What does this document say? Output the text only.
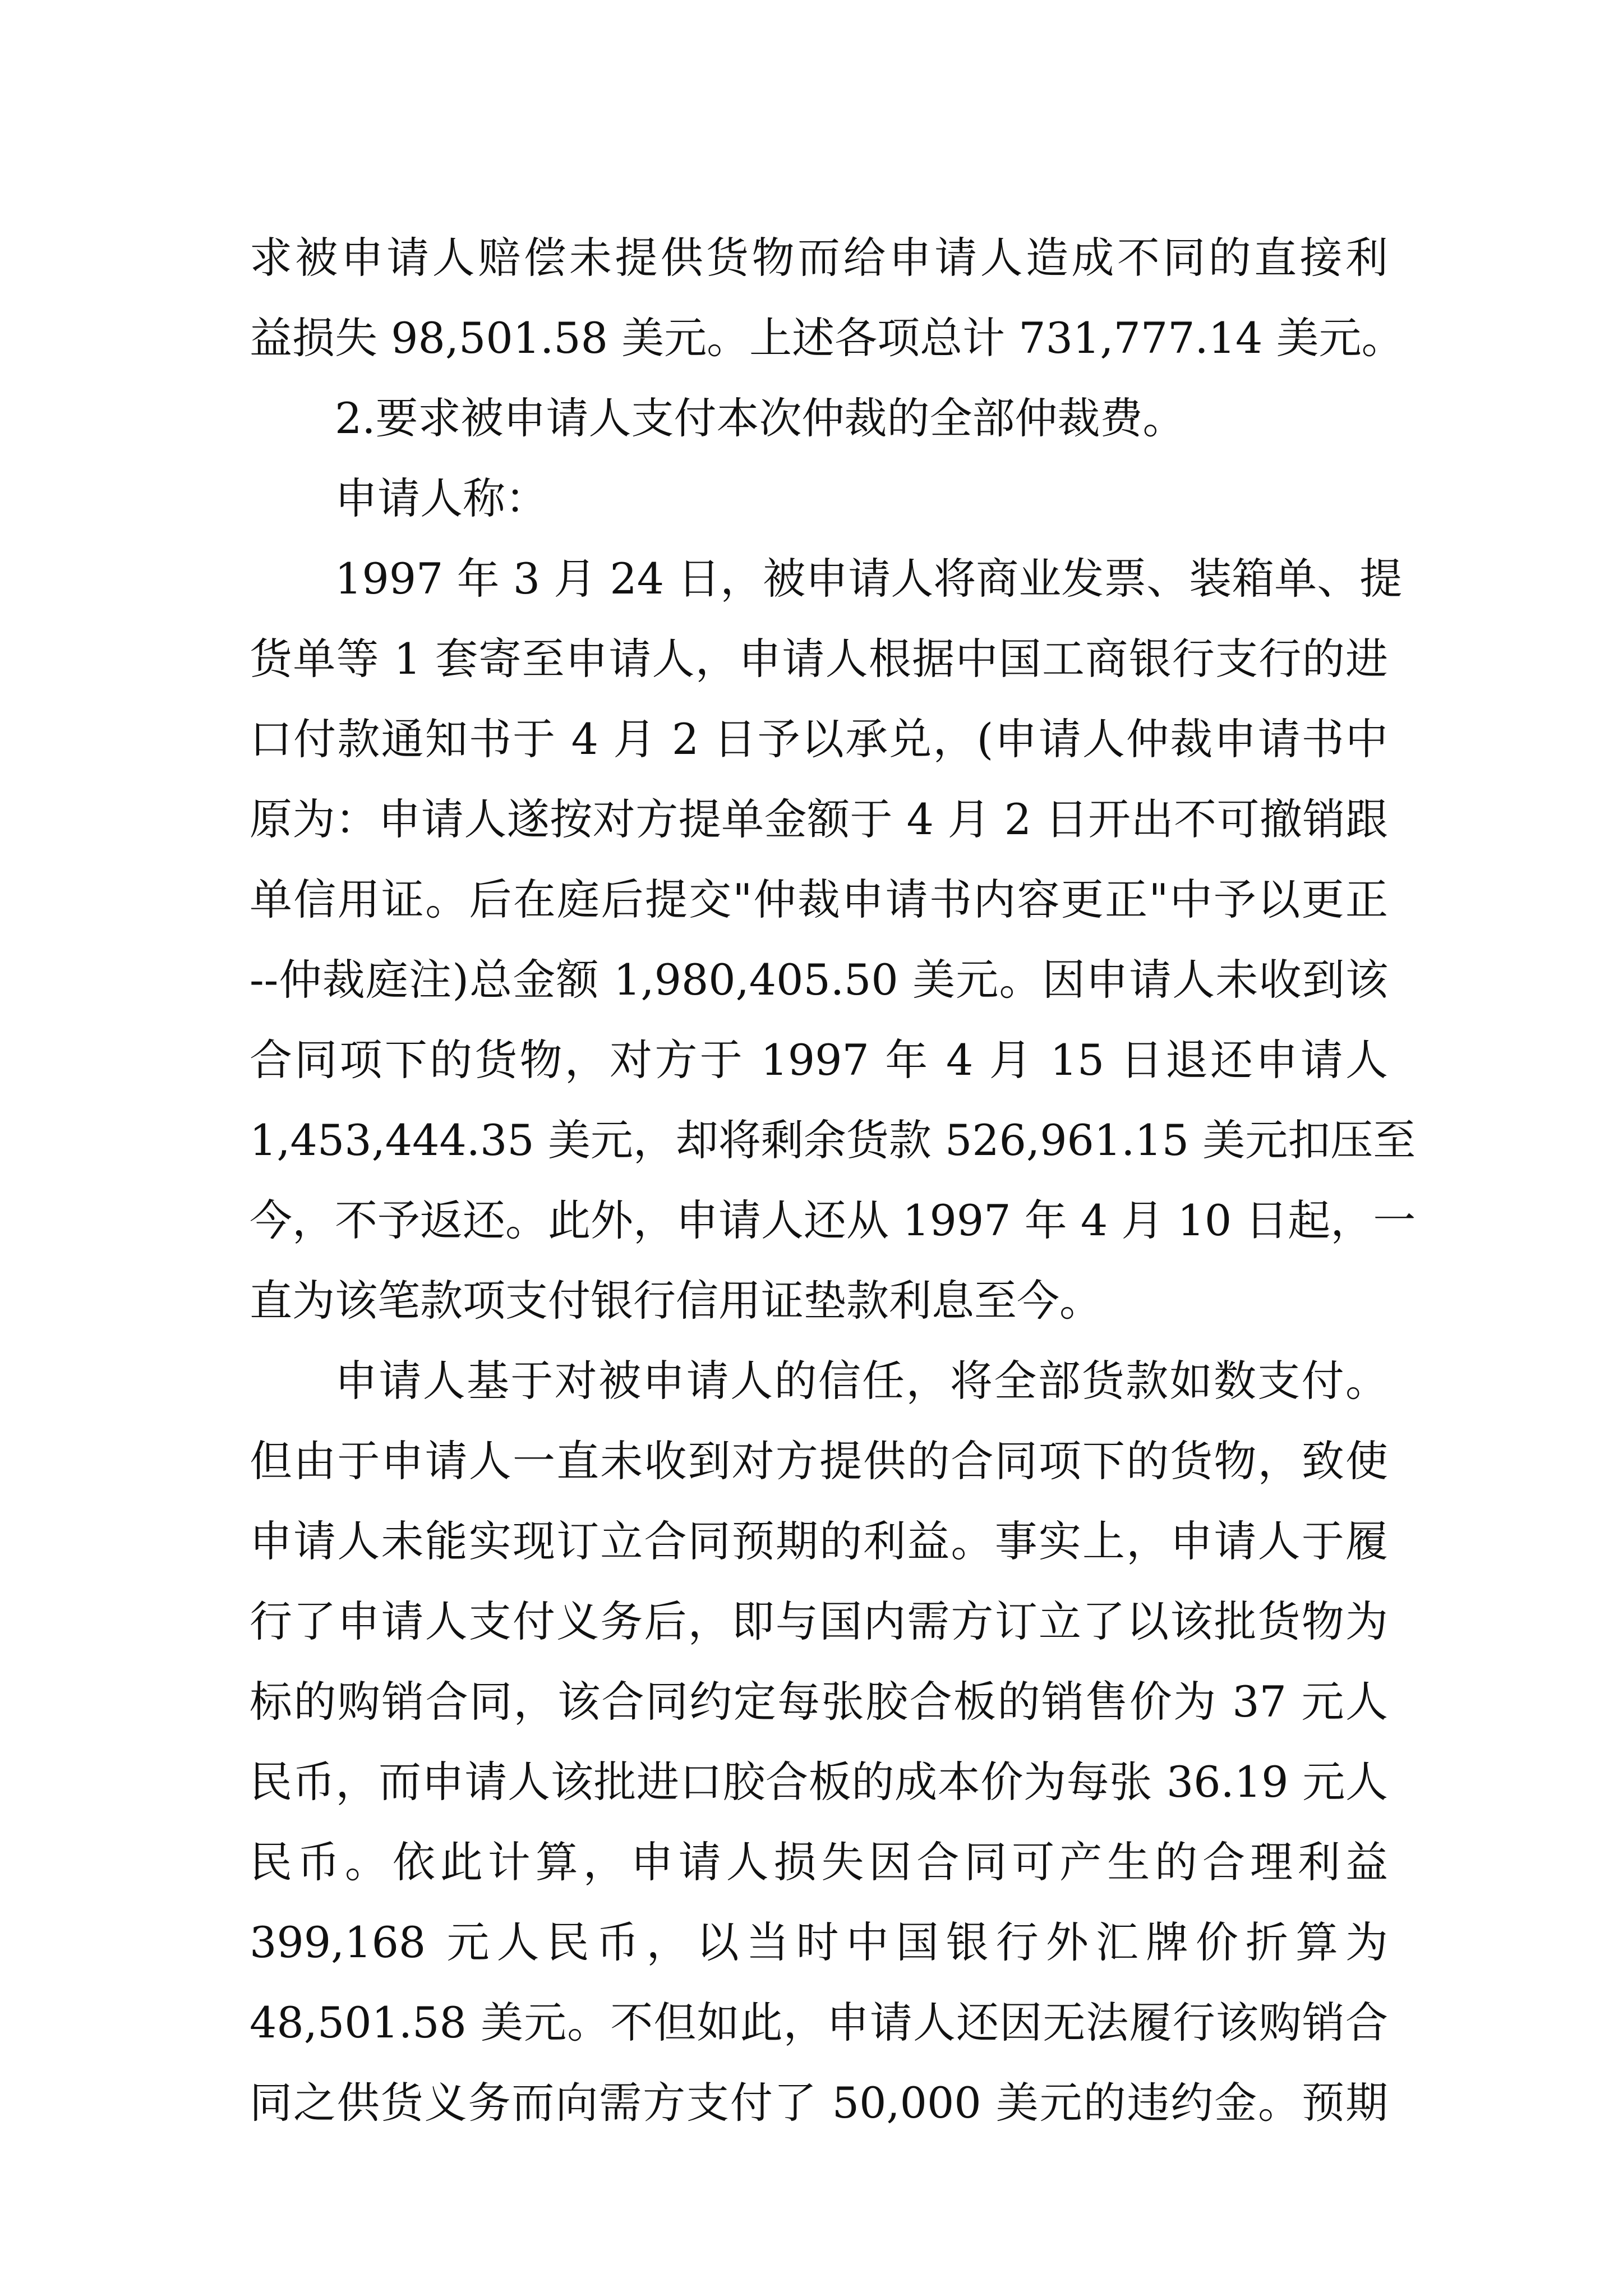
求被申请人赔偿未提供货物而给申请人造成不同的直接利
益损失 98,501.58 美元。上述各项总计 731,777.14 美元。
2.要求被申请人支付本次仲裁的全部仲裁费。
申请人称：
1997 年 3 月 24 日，被申请人将商业发票、装箱单、提
货单等 1 套寄至申请人，申请人根据中国工商银行支行的进
口付款通知书于 4 月 2 日予以承兑，(申请人仲裁申请书中
原为：申请人遂按对方提单金额于 4 月 2 日开出不可撤销跟
单信用证。后在庭后提交"仲裁申请书内容更正"中予以更正
--仲裁庭注)总金额 1,980,405.50 美元。因申请人未收到该
合同项下的货物，对方于 1997 年 4 月 15 日退还申请人
1,453,444.35 美元，却将剩余货款 526,961.15 美元扣压至
今，不予返还。此外，申请人还从 1997 年 4 月 10 日起，一
直为该笔款项支付银行信用证垫款利息至今。
申请人基于对被申请人的信任，将全部货款如数支付。
但由于申请人一直未收到对方提供的合同项下的货物，致使
申请人未能实现订立合同预期的利益。事实上，申请人于履
行了申请人支付义务后，即与国内需方订立了以该批货物为
标的购销合同，该合同约定每张胶合板的销售价为 37 元人
民币，而申请人该批进口胶合板的成本价为每张 36.19 元人
民币。依此计算，申请人损失因合同可产生的合理利益
399,168 元人民币，以当时中国银行外汇牌价折算为
48,501.58 美元。不但如此，申请人还因无法履行该购销合
同之供货义务而向需方支付了 50,000 美元的违约金。预期
